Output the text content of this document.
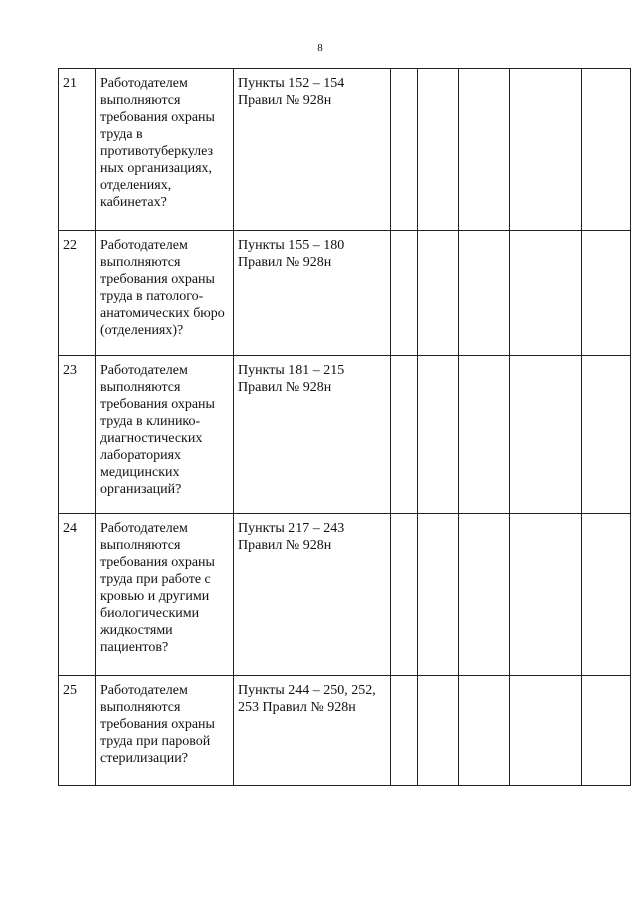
8
21	Работодателем выполняются требования охраны труда в противотуберкулез ных организациях, отделениях, кабинетах?	Пункты 152 – 154 Правил № 928н					

22	Работодателем выполняются требования охраны труда в патолого-анатомических бюро (отделениях)?	Пункты 155 – 180 Правил № 928н					

23	Работодателем выполняются требования охраны труда в клинико-диагностических лабораториях медицинских организаций?	Пункты 181 – 215 Правил № 928н					

24	Работодателем выполняются требования охраны труда при работе с кровью и другими биологическими жидкостями пациентов?	Пункты 217 – 243 Правил № 928н					

25	Работодателем выполняются требования охраны труда при паровой стерилизации?	Пункты 244 – 250, 252, 253 Правил № 928н					
